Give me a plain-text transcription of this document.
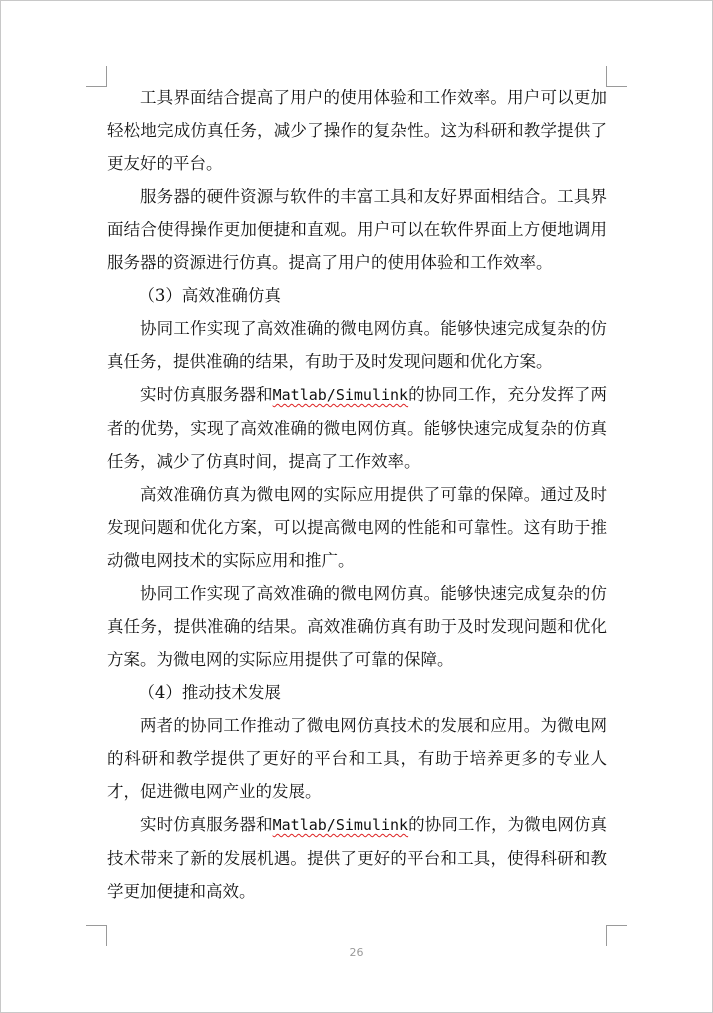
工具界面结合提高了用户的使用体验和工作效率。用户可以更加轻松地完成仿真任务，减少了操作的复杂性。这为科研和教学提供了更友好的平台。

服务器的硬件资源与软件的丰富工具和友好界面相结合。工具界面结合使得操作更加便捷和直观。用户可以在软件界面上方便地调用服务器的资源进行仿真。提高了用户的使用体验和工作效率。

（3）高效准确仿真

协同工作实现了高效准确的微电网仿真。能够快速完成复杂的仿真任务，提供准确的结果，有助于及时发现问题和优化方案。

实时仿真服务器和Matlab/Simulink的协同工作，充分发挥了两者的优势，实现了高效准确的微电网仿真。能够快速完成复杂的仿真任务，减少了仿真时间，提高了工作效率。

高效准确仿真为微电网的实际应用提供了可靠的保障。通过及时发现问题和优化方案，可以提高微电网的性能和可靠性。这有助于推动微电网技术的实际应用和推广。

协同工作实现了高效准确的微电网仿真。能够快速完成复杂的仿真任务，提供准确的结果。高效准确仿真有助于及时发现问题和优化方案。为微电网的实际应用提供了可靠的保障。

（4）推动技术发展

两者的协同工作推动了微电网仿真技术的发展和应用。为微电网的科研和教学提供了更好的平台和工具，有助于培养更多的专业人才，促进微电网产业的发展。

实时仿真服务器和Matlab/Simulink的协同工作，为微电网仿真技术带来了新的发展机遇。提供了更好的平台和工具，使得科研和教学更加便捷和高效。

26
